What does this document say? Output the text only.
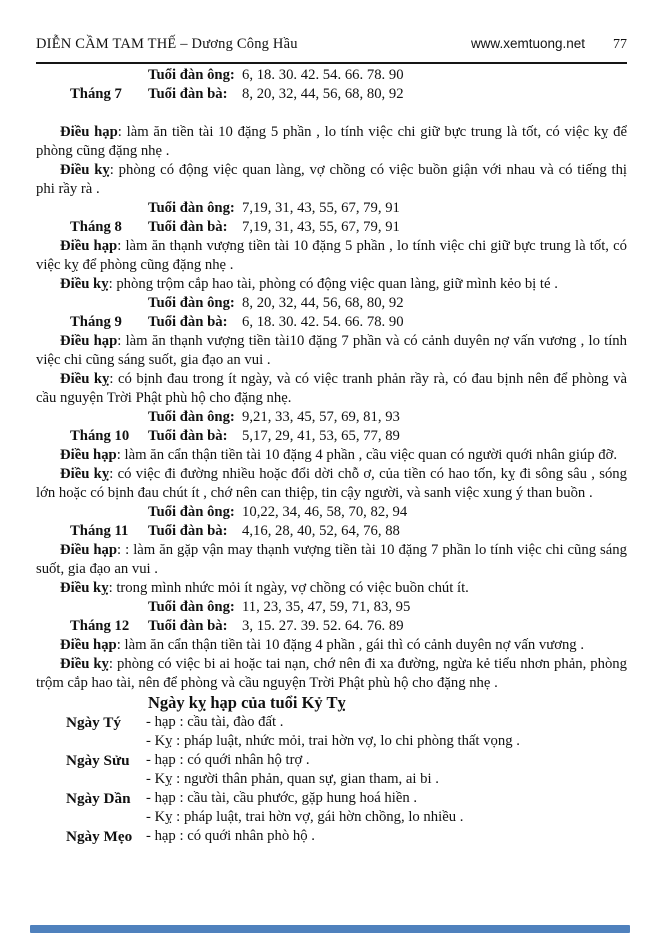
DIỄN CẦM TAM THẾ – Dương Công Hầu	www.xemtuong.net 77
Tuổi đàn ông: 6, 18. 30. 42. 54. 66. 78. 90
Tháng 7	Tuổi đàn bà: 8, 20, 32, 44, 56, 68, 80, 92

Điều hạp: làm ăn tiền tài 10 đặng 5 phần , lo tính việc chi giữ bực trung là tốt, có việc kỵ để phòng cũng đặng nhẹ .

Điều kỵ: phòng có động việc quan làng, vợ chồng có việc buồn giận với nhau và có tiếng thị phi rầy rà .

Tuổi đàn ông: 7,19, 31, 43, 55, 67, 79, 91
Tháng 8	Tuổi đàn bà: 7,19, 31, 43, 55, 67, 79, 91

Điều hạp: làm ăn thạnh vượng tiền tài 10 đặng 5 phần , lo tính việc chi giữ bực trung là tốt, có việc kỵ để phòng cũng đặng nhẹ .

Điều kỵ: phòng trộm cắp hao tài, phòng có động việc quan làng, giữ mình kẻo bị té .

Tuổi đàn ông: 8, 20, 32, 44, 56, 68, 80, 92
Tháng 9	Tuổi đàn bà: 6, 18. 30. 42. 54. 66. 78. 90

Điều hạp: làm ăn thạnh vượng tiền tài10 đặng 7 phần và có cảnh duyên nợ vấn vương , lo tính việc chi cũng sáng suốt, gia đạo an vui .

Điều kỵ: có bịnh đau trong ít ngày, và có việc tranh phản rầy rà, có đau bịnh nên để phòng và cầu nguyện Trời Phật phù hộ cho đặng nhẹ.

Tuổi đàn ông: 9,21, 33, 45, 57, 69, 81, 93
Tháng 10	Tuổi đàn bà: 5,17, 29, 41, 53, 65, 77, 89

Điều hạp: làm ăn cẩn thận tiền tài 10 đặng 4 phần , cầu việc quan có người quới nhân giúp đỡ.

Điều kỵ: có việc đi đường nhiều hoặc đổi dời chỗ ơ, của tiền có hao tốn, kỵ đi sông sâu , sóng lớn hoặc có bịnh đau chút ít , chớ nên can thiệp, tin cậy người, và sanh việc xung ý than buồn .

Tuổi đàn ông: 10,22, 34, 46, 58, 70, 82, 94
Tháng 11	Tuổi đàn bà: 4,16, 28, 40, 52, 64, 76, 88

Điều hạp: : làm ăn gặp vận may thạnh vượng tiền tài 10 đặng 7 phần lo tính việc chi cũng sáng suốt, gia đạo an vui .

Điều kỵ: trong mình nhức mỏi ít ngày, vợ chồng có việc buồn chút ít.

Tuổi đàn ông: 11, 23, 35, 47, 59, 71, 83, 95
Tháng 12	Tuổi đàn bà: 3, 15. 27. 39. 52. 64. 76. 89

Điều hạp: làm ăn cẩn thận tiền tài 10 đặng 4 phần , gái thì có cảnh duyên nợ vấn vương .

Điều kỵ: phòng có việc bi ai hoặc tai nạn, chớ nên đi xa đường, ngừa kẻ tiểu nhơn phản, phòng trộm cắp hao tài, nên để phòng và cầu nguyện Trời Phật phù hộ cho đặng nhẹ .

Ngày kỵ hạp của tuổi Kỷ Tỵ
Ngày Tý	- hạp : cầu tài, đào đất .
- Kỵ : pháp luật, nhức mỏi, trai hờn vợ, lo chi phòng thất vọng .
Ngày Sửu	- hạp : có quới nhân hộ trợ .
- Kỵ : người thân phản, quan sự, gian tham, ai bi .
Ngày Dần	- hạp : cầu tài, cầu phước, gặp hung hoá hiền .
- Kỵ : pháp luật, trai hờn vợ, gái hờn chồng, lo nhiều .
Ngày Mẹo - hạp : có quới nhân phò hộ .
